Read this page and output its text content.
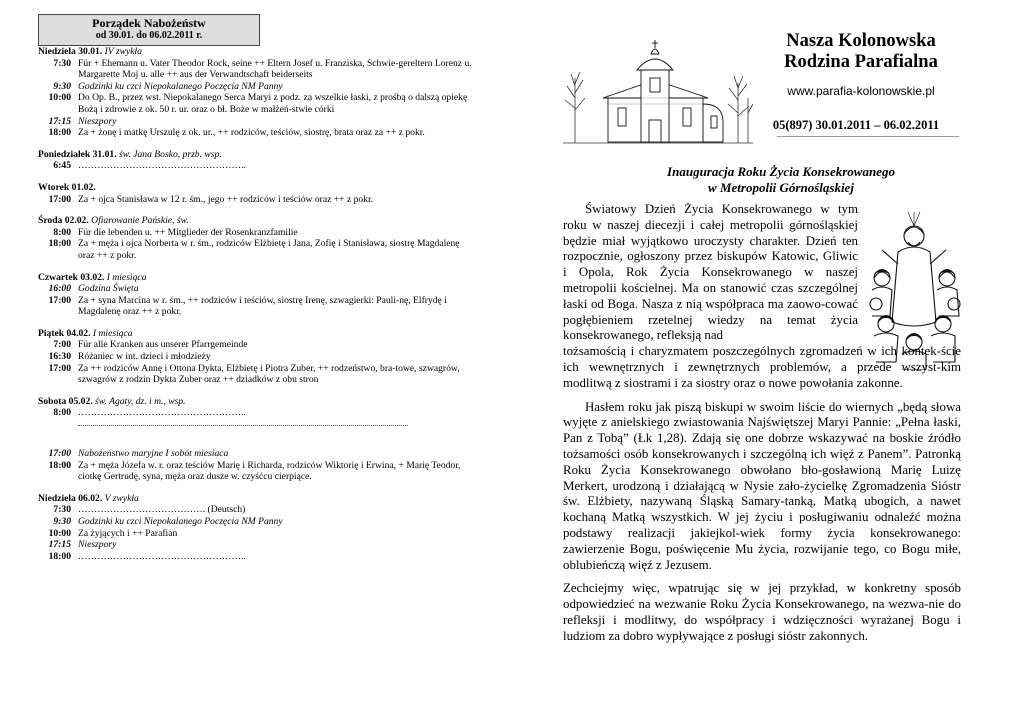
Porządek Nabożeństw
od 30.01. do 06.02.2011 r.
Niedziela 30.01. IV zwykła
7:30 Für + Ehemann u. Vater Theodor Rock, seine ++ Eltern Josef u. Franziska, Schwie-gereltern Lorenz u. Margarette Moj u. alle ++ aus der Verwandtschaft beiderseits
9:30 Godzinki ku czci Niepokalanego Poczęcia NM Panny
10:00 Do Op. B., przez wst. Niepokalanego Serca Maryi z podz. za wszelkie łaski, z prośbą o dalszą opiekę Bożą i zdrowie z ok. 50 r. ur. oraz o bł. Boże w małżeń-stwie córki
17:15 Nieszpory
18:00 Za + żonę i matkę Urszulę z ok. ur., ++ rodziców, teściów, siostrę, brata oraz za ++ z pokr.
Poniedziałek 31.01. św. Jana Bosko, przb. wsp.
6:45 ……………………………………………..
Wtorek 01.02.
17:00 Za + ojca Stanisława w 12 r. śm., jego ++ rodziców i teściów oraz ++ z pokr.
Środa 02.02. Ofiarowanie Pańskie, św.
8:00 Für die lebenden u. ++ Mitglieder der Rosenkranzfamilie
18:00 Za + męża i ojca Norberta w r. śm., rodziców Elżbietę i Jana, Zofię i Stanisława, siostrę Magdalenę oraz ++ z pokr.
Czwartek 03.02. I miesiąca
16:00 Godzina Święta
17:00 Za + syna Marcina w r. śm., ++ rodziców i teściów, siostrę Irenę, szwagierki: Pauli-nę, Elfrydę i Magdalenę oraz ++ z pokr.
Piątek 04.02. I miesiąca
7:00 Für alle Kranken aus unserer Pfarrgemeinde
16:30 Różaniec w int. dzieci i młodzieży
17:00 Za ++ rodziców Annę i Ottona Dykta, Elżbietę i Piotra Zuber, ++ rodzeństwo, bra-towe, szwagrów, szwagrów z rodzin Dykta Zuber oraz ++ dziadków z obu stron
Sobota 05.02. św. Agaty, dz. i m., wsp.
8:00 ……………………………………………..
17:00 Nabożeństwo maryjne I sobót miesiaca
18:00 Za + męża Józefa w. r. oraz teściów Marię i Richarda, rodziców Wiktorię i Erwina, + Marię Teodor, ciotkę Gertrudę, syna, męża oraz dusze w. czyśćcu cierpiące.
Niedziela 06.02. V zwykła
7:30 …………………………………. (Deutsch)
9:30 Godzinki ku czci Niepokalanego Poczęcia NM Panny
10:00 Za żyjących i ++ Parafian
17:15 Nieszpory
18:00 ……………………………………………..
Nasza Kolonowska
Rodzina Parafialna
www.parafia-kolonowskie.pl
05(897) 30.01.2011 – 06.02.2011
Inauguracja Roku Życia Konsekrowanego
w Metropolii Górnośląskiej

Światowy Dzień Życia Konsekrowanego w tym roku w naszej diecezji i całej metropolii górnośląskiej będzie miał wyjątkowo uroczysty charakter. Dzień ten rozpocznie, ogłoszony przez biskupów Katowic, Gliwic i Opola, Rok Życia Konsekrowanego w naszej metropolii kościelnej. Ma on stanowić czas szczególnej łaski od Boga. Nasza z nią współpraca ma zaowo-cować pogłębieniem rzetelnej wiedzy na temat życia konsekrowanego, refleksją nad

tożsamością i charyzmatem poszczególnych zgromadzeń w ich kontek-ście ich wewnętrznych i zewnętrznych problemów, a przede wszyst-kim modlitwą z siostrami i za siostry oraz o nowe powołania zakonne.

Hasłem roku jak piszą biskupi w swoim liście do wiernych „będą słowa wyjęte z anielskiego zwiastowania Najświętszej Maryi Pannie: „Pełna łaski, Pan z Tobą” (Łk 1,28). Zdają się one dobrze wskazywać na boskie źródło tożsamości osób konsekrowanych i szczególną ich więź z Panem”. Patronką Roku Życia Konsekrowanego obwołano bło-gosławioną Marię Luizę Merkert, urodzoną i działającą w Nysie zało-życielkę Zgromadzenia Sióstr św. Elżbiety, nazywaną Śląską Samary-tanką, Matką ubogich, a nawet kochaną Matką wszystkich. W jej życiu i posługiwaniu odnaleźć można podstawy realizacji jakiejkol-wiek formy życia konsekrowanego: zawierzenie Bogu, poświęcenie Mu życia, rozwijanie tego, co Bogu miłe, oblubieńczą więź z Jezusem.

Zechciejmy więc, wpatrując się w jej przykład, w konkretny sposób odpowiedzieć na wezwanie Roku Życia Konsekrowanego, na wezwa-nie do refleksji i modlitwy, do współpracy i wdzięczności wyrażanej Bogu i ludziom za dobro wypływające z posługi sióstr zakonnych.
